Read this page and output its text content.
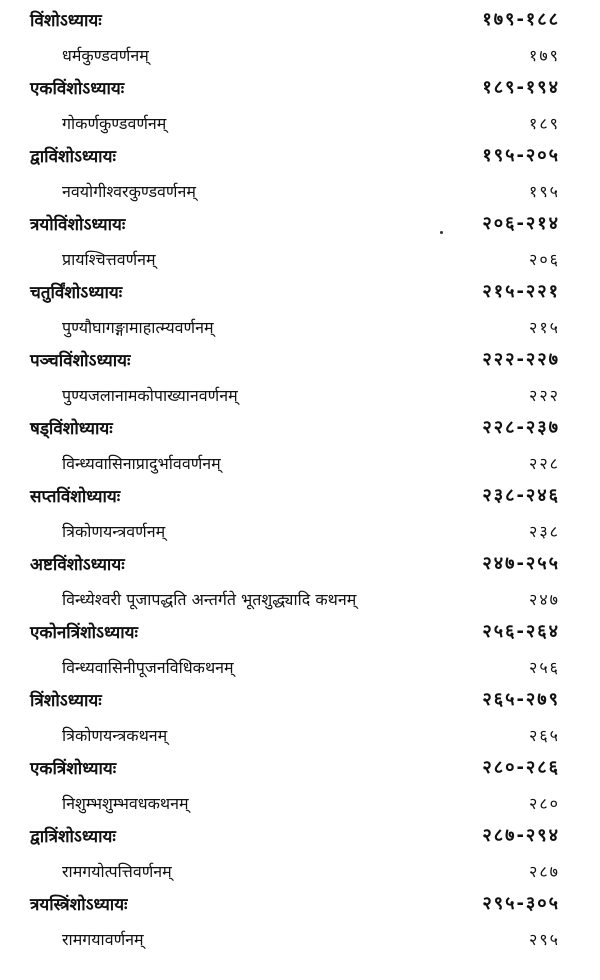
विंशोऽध्यायः	१७९-१८८
धर्मकुण्डवर्णनम्	१७९
एकविंशोऽध्यायः	१८९-१९४
गोकर्णकुण्डवर्णनम्	१८९
द्वाविंशोऽध्यायः	१९५-२०५
नवयोगीश्वरकुण्डवर्णनम्	१९५
त्रयोविंशोऽध्यायः	२०६-२१४
प्रायश्चित्तवर्णनम्	२०६
चतुर्विंशोऽध्यायः	२१५-२२१
पुण्यौघागङ्गामाहात्म्यवर्णनम्	२१५
पञ्चविंशोऽध्यायः	२२२-२२७
पुण्यजलानामकोपाख्यानवर्णनम्	२२२
षड्विंशोध्यायः	२२८-२३७
विन्ध्यवासिनाप्रादुर्भाववर्णनम्	२२८
सप्तविंशोध्यायः	२३८-२४६
त्रिकोणयन्त्रवर्णनम्	२३८
अष्टविंशोऽध्यायः	२४७-२५५
विन्ध्येश्वरी पूजापद्धति अन्तर्गते भूतशुद्ध्यादि कथनम्	२४७
एकोनत्रिंशोऽध्यायः	२५६-२६४
विन्ध्यवासिनीपूजनविधिकथनम्	२५६
त्रिंशोऽध्यायः	२६५-२७९
त्रिकोणयन्त्रकथनम्	२६५
एकत्रिंशोध्यायः	२८०-२८६
निशुम्भशुम्भवधकथनम्	२८०
द्वात्रिंशोऽध्यायः	२८७-२९४
रामगयोत्पत्तिवर्णनम्	२८७
त्रयस्त्रिंशोऽध्यायः	२९५-३०५
रामगयावर्णनम्	२९५
